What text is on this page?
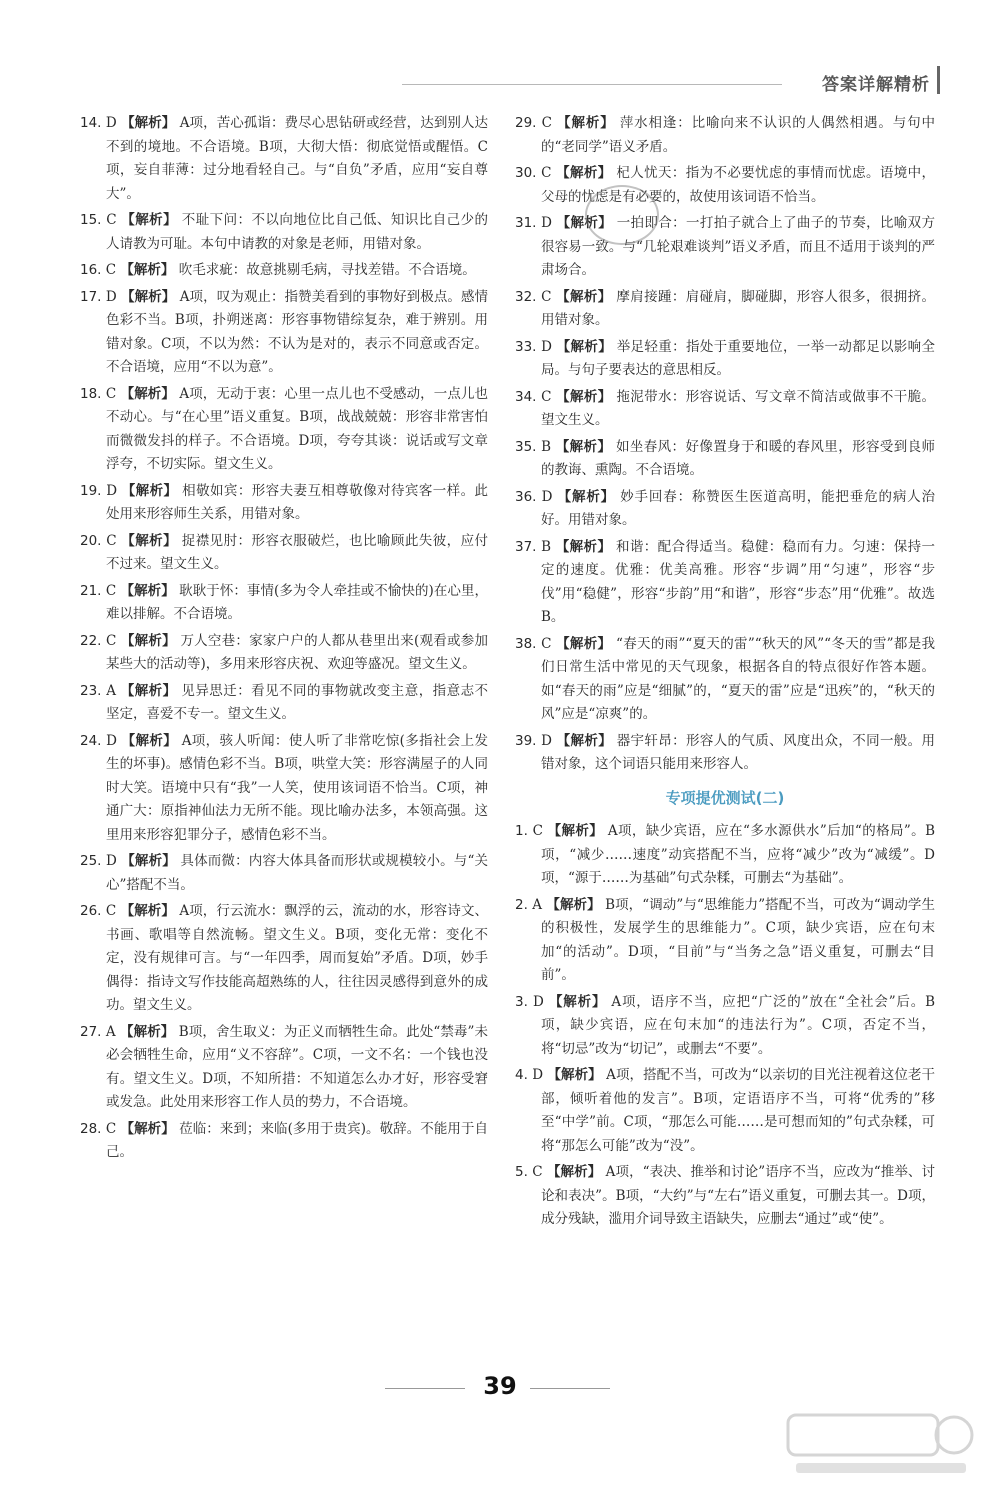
答案详解精析

14. D 【解析】 A项，苦心孤诣：费尽心思钻研或经营，达到别人达不到的境地。不合语境。B项，大彻大悟：彻底觉悟或醒悟。C项，妄自菲薄：过分地看轻自己。与“自负”矛盾，应用“妄自尊大”。

15. C 【解析】 不耻下问：不以向地位比自己低、知识比自己少的人请教为可耻。本句中请教的对象是老师，用错对象。

16. C 【解析】 吹毛求疵：故意挑剔毛病，寻找差错。不合语境。

17. D 【解析】 A项，叹为观止：指赞美看到的事物好到极点。感情色彩不当。B项，扑朔迷离：形容事物错综复杂，难于辨别。用错对象。C项，不以为然：不认为是对的，表示不同意或否定。不合语境，应用“不以为意”。

18. C 【解析】 A项，无动于衷：心里一点儿也不受感动，一点儿也不动心。与“在心里”语义重复。B项，战战兢兢：形容非常害怕而微微发抖的样子。不合语境。D项，夸夸其谈：说话或写文章浮夸，不切实际。望文生义。

19. D 【解析】 相敬如宾：形容夫妻互相尊敬像对待宾客一样。此处用来形容师生关系，用错对象。

20. C 【解析】 捉襟见肘：形容衣服破烂，也比喻顾此失彼，应付不过来。望文生义。

21. C 【解析】 耿耿于怀：事情(多为令人牵挂或不愉快的)在心里，难以排解。不合语境。

22. C 【解析】 万人空巷：家家户户的人都从巷里出来(观看或参加某些大的活动等)，多用来形容庆祝、欢迎等盛况。望文生义。

23. A 【解析】 见异思迁：看见不同的事物就改变主意，指意志不坚定，喜爱不专一。望文生义。

24. D 【解析】 A项，骇人听闻：使人听了非常吃惊(多指社会上发生的坏事)。感情色彩不当。B项，哄堂大笑：形容满屋子的人同时大笑。语境中只有“我”一人笑，使用该词语不恰当。C项，神通广大：原指神仙法力无所不能。现比喻办法多，本领高强。这里用来形容犯罪分子，感情色彩不当。

25. D 【解析】 具体而微：内容大体具备而形状或规模较小。与“关心”搭配不当。

26. C 【解析】 A项，行云流水：飘浮的云，流动的水，形容诗文、书画、歌唱等自然流畅。望文生义。B项，变化无常：变化不定，没有规律可言。与“一年四季，周而复始”矛盾。D项，妙手偶得：指诗文写作技能高超熟练的人，往往因灵感得到意外的成功。望文生义。

27. A 【解析】 B项，舍生取义：为正义而牺牲生命。此处“禁毒”未必会牺牲生命，应用“义不容辞”。C项，一文不名：一个钱也没有。望文生义。D项，不知所措：不知道怎么办才好，形容受窘或发急。此处用来形容工作人员的势力，不合语境。

28. C 【解析】 莅临：来到；来临(多用于贵宾)。敬辞。不能用于自己。

29. C 【解析】 萍水相逢：比喻向来不认识的人偶然相遇。与句中的“老同学”语义矛盾。

30. C 【解析】 杞人忧天：指为不必要忧虑的事情而忧虑。语境中，父母的忧虑是有必要的，故使用该词语不恰当。

31. D 【解析】 一拍即合：一打拍子就合上了曲子的节奏，比喻双方很容易一致。与“几轮艰难谈判”语义矛盾，而且不适用于谈判的严肃场合。

32. C 【解析】 摩肩接踵：肩碰肩，脚碰脚，形容人很多，很拥挤。用错对象。

33. D 【解析】 举足轻重：指处于重要地位，一举一动都足以影响全局。与句子要表达的意思相反。

34. C 【解析】 拖泥带水：形容说话、写文章不简洁或做事不干脆。望文生义。

35. B 【解析】 如坐春风：好像置身于和暖的春风里，形容受到良师的教诲、熏陶。不合语境。

36. D 【解析】 妙手回春：称赞医生医道高明，能把垂危的病人治好。用错对象。

37. B 【解析】 和谐：配合得适当。稳健：稳而有力。匀速：保持一定的速度。优雅：优美高雅。形容“步调”用“匀速”，形容“步伐”用“稳健”，形容“步韵”用“和谐”，形容“步态”用“优雅”。故选B。

38. C 【解析】 “春天的雨”“夏天的雷”“秋天的风”“冬天的雪”都是我们日常生活中常见的天气现象，根据各自的特点很好作答本题。如“春天的雨”应是“细腻”的，“夏天的雷”应是“迅疾”的，“秋天的风”应是“凉爽”的。

39. D 【解析】 器宇轩昂：形容人的气质、风度出众，不同一般。用错对象，这个词语只能用来形容人。

专项提优测试(二)

1. C 【解析】 A项，缺少宾语，应在“多水源供水”后加“的格局”。B项，“减少……速度”动宾搭配不当，应将“减少”改为“减缓”。D项，“源于……为基础”句式杂糅，可删去“为基础”。

2. A 【解析】 B项，“调动”与“思维能力”搭配不当，可改为“调动学生的积极性，发展学生的思维能力”。C项，缺少宾语，应在句末加“的活动”。D项，“目前”与“当务之急”语义重复，可删去“目前”。

3. D 【解析】 A项，语序不当，应把“广泛的”放在“全社会”后。B项，缺少宾语，应在句末加“的违法行为”。C项，否定不当，将“切忌”改为“切记”，或删去“不要”。

4. D 【解析】 A项，搭配不当，可改为“以亲切的目光注视着这位老干部，倾听着他的发言”。B项，定语语序不当，可将“优秀的”移至“中学”前。C项，“那怎么可能……是可想而知的”句式杂糅，可将“那怎么可能”改为“没”。

5. C 【解析】 A项，“表决、推举和讨论”语序不当，应改为“推举、讨论和表决”。B项，“大约”与“左右”语义重复，可删去其一。D项，成分残缺，滥用介词导致主语缺失，应删去“通过”或“使”。

39
